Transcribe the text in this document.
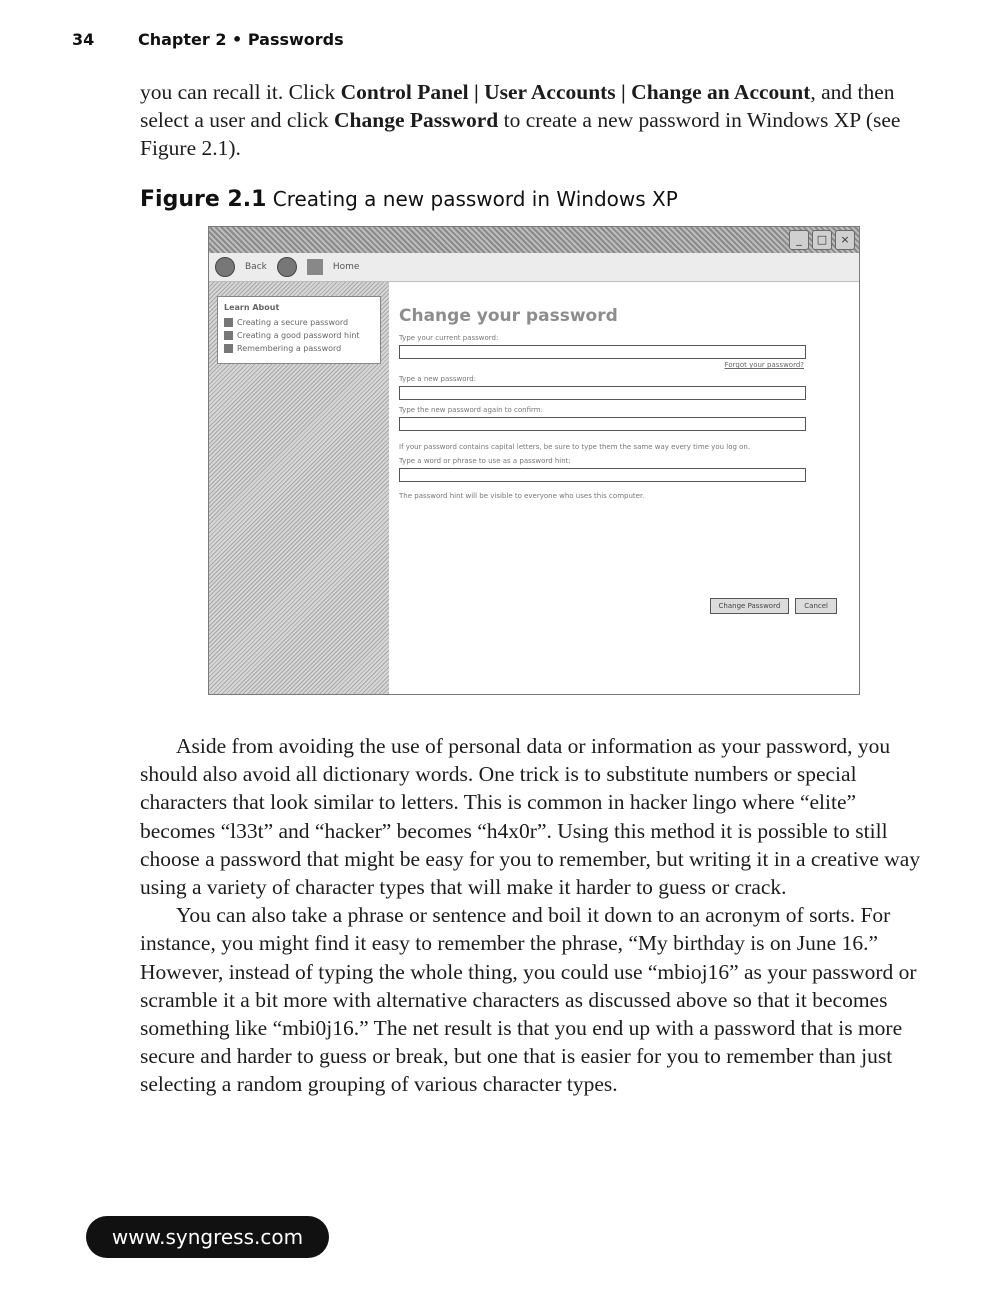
34	Chapter 2 • Passwords
you can recall it. Click Control Panel | User Accounts | Change an Account, and then select a user and click Change Password to create a new password in Windows XP (see Figure 2.1).
Figure 2.1 Creating a new password in Windows XP
_	□	×
Back	Home
Learn About
Creating a secure password
Creating a good password hint
Remembering a password
Change your password
Type your current password:
Forgot your password?
Type a new password:
Type the new password again to confirm:
If your password contains capital letters, be sure to type them the same way every time you log on.
Type a word or phrase to use as a password hint:
The password hint will be visible to everyone who uses this computer.
Change Password	Cancel

Aside from avoiding the use of personal data or information as your password, you should also avoid all dictionary words. One trick is to substitute numbers or special characters that look similar to letters. This is common in hacker lingo where “elite” becomes “l33t” and “hacker” becomes “h4x0r”. Using this method it is possible to still choose a password that might be easy for you to remember, but writing it in a creative way using a variety of character types that will make it harder to guess or crack.

You can also take a phrase or sentence and boil it down to an acronym of sorts. For instance, you might find it easy to remember the phrase, “My birthday is on June 16.” However, instead of typing the whole thing, you could use “mbioj16” as your password or scramble it a bit more with alternative characters as discussed above so that it becomes something like “mbi0j16.” The net result is that you end up with a password that is more secure and harder to guess or break, but one that is easier for you to remember than just selecting a random grouping of various character types.

www.syngress.com
